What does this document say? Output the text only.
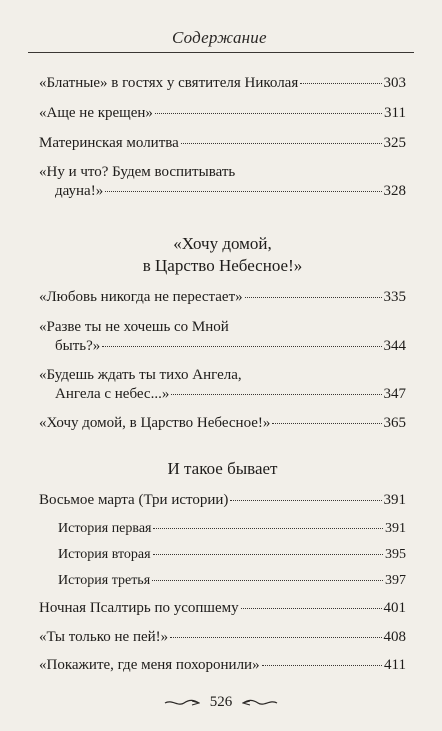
Содержание
«Блатные» в гостях у святителя Николая	303
«Аще не крещен»	311
Материнская молитва	325
«Ну и что? Будем воспитывать
дауна!»	328
«Хочу домой,
в Царство Небесное!»
«Любовь никогда не перестает»	335
«Разве ты не хочешь со Мной
быть?»	344
«Будешь ждать ты тихо Ангела,
Ангела с небес...»	347
«Хочу домой, в Царство Небесное!»	365
И такое бывает
Восьмое марта (Три истории)	391
История первая	391
История вторая	395
История третья	397
Ночная Псалтирь по усопшему	401
«Ты только не пей!»	408
«Покажите, где меня похоронили»	411
526
